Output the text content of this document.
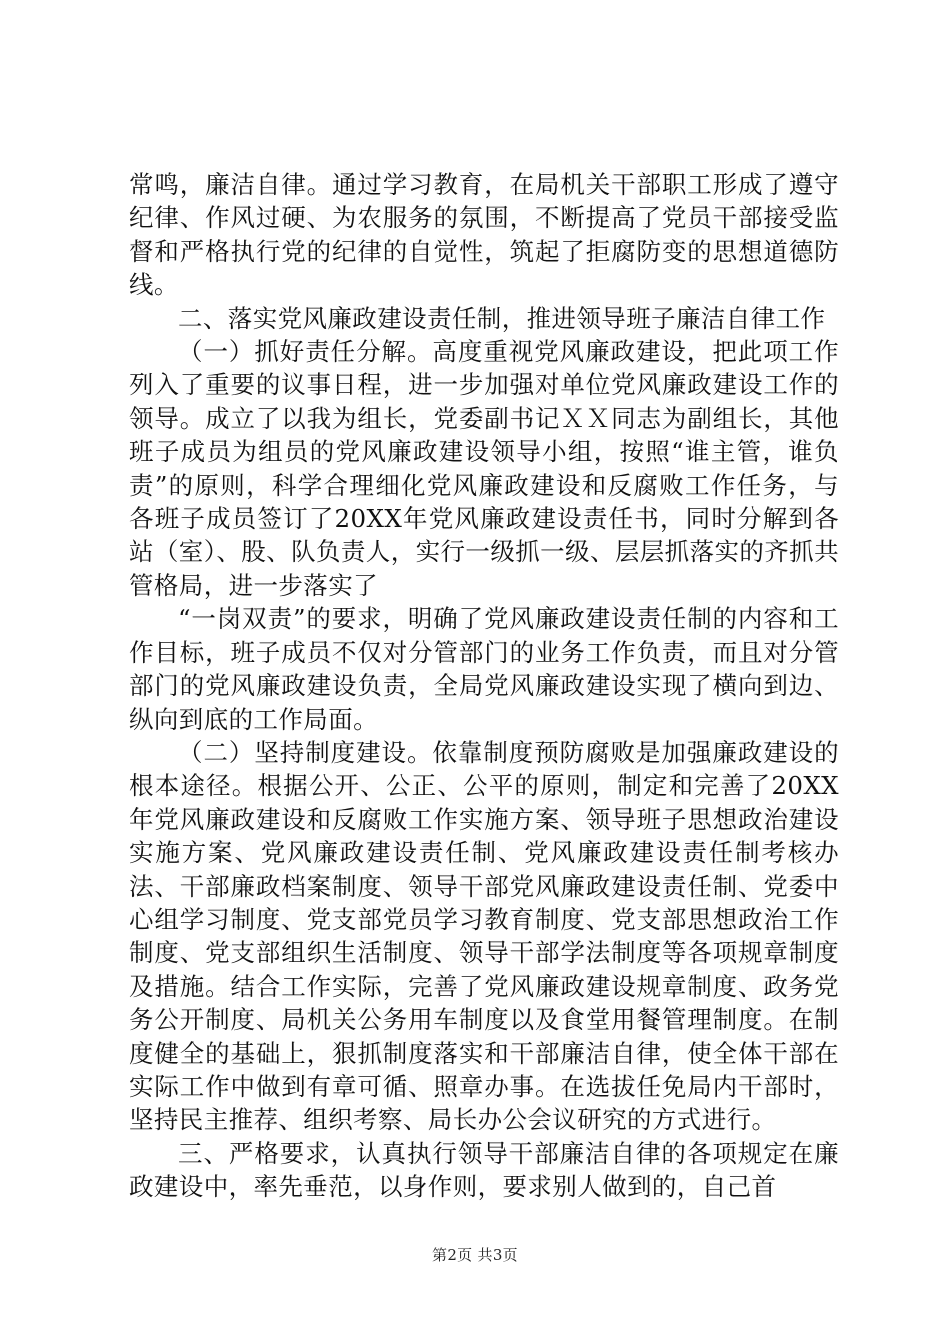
常鸣，廉洁自律。通过学习教育，在局机关干部职工形成了遵守纪律、作风过硬、为农服务的氛围，不断提高了党员干部接受监督和严格执行党的纪律的自觉性，筑起了拒腐防变的思想道德防线。

二、落实党风廉政建设责任制，推进领导班子廉洁自律工作

（一）抓好责任分解。高度重视党风廉政建设，把此项工作列入了重要的议事日程，进一步加强对单位党风廉政建设工作的领导。成立了以我为组长，党委副书记ＸＸ同志为副组长，其他班子成员为组员的党风廉政建设领导小组，按照“谁主管，谁负责”的原则，科学合理细化党风廉政建设和反腐败工作任务，与各班子成员签订了20XX年党风廉政建设责任书，同时分解到各站（室）、股、队负责人，实行一级抓一级、层层抓落实的齐抓共管格局，进一步落实了

“一岗双责”的要求，明确了党风廉政建设责任制的内容和工作目标，班子成员不仅对分管部门的业务工作负责，而且对分管部门的党风廉政建设负责，全局党风廉政建设实现了横向到边、纵向到底的工作局面。

（二）坚持制度建设。依靠制度预防腐败是加强廉政建设的根本途径。根据公开、公正、公平的原则，制定和完善了20XX年党风廉政建设和反腐败工作实施方案、领导班子思想政治建设实施方案、党风廉政建设责任制、党风廉政建设责任制考核办法、干部廉政档案制度、领导干部党风廉政建设责任制、党委中心组学习制度、党支部党员学习教育制度、党支部思想政治工作制度、党支部组织生活制度、领导干部学法制度等各项规章制度及措施。结合工作实际，完善了党风廉政建设规章制度、政务党务公开制度、局机关公务用车制度以及食堂用餐管理制度。在制度健全的基础上，狠抓制度落实和干部廉洁自律，使全体干部在实际工作中做到有章可循、照章办事。在选拔任免局内干部时，坚持民主推荐、组织考察、局长办公会议研究的方式进行。

三、严格要求，认真执行领导干部廉洁自律的各项规定在廉政建设中，率先垂范，以身作则，要求别人做到的，自己首

第2页 共3页
